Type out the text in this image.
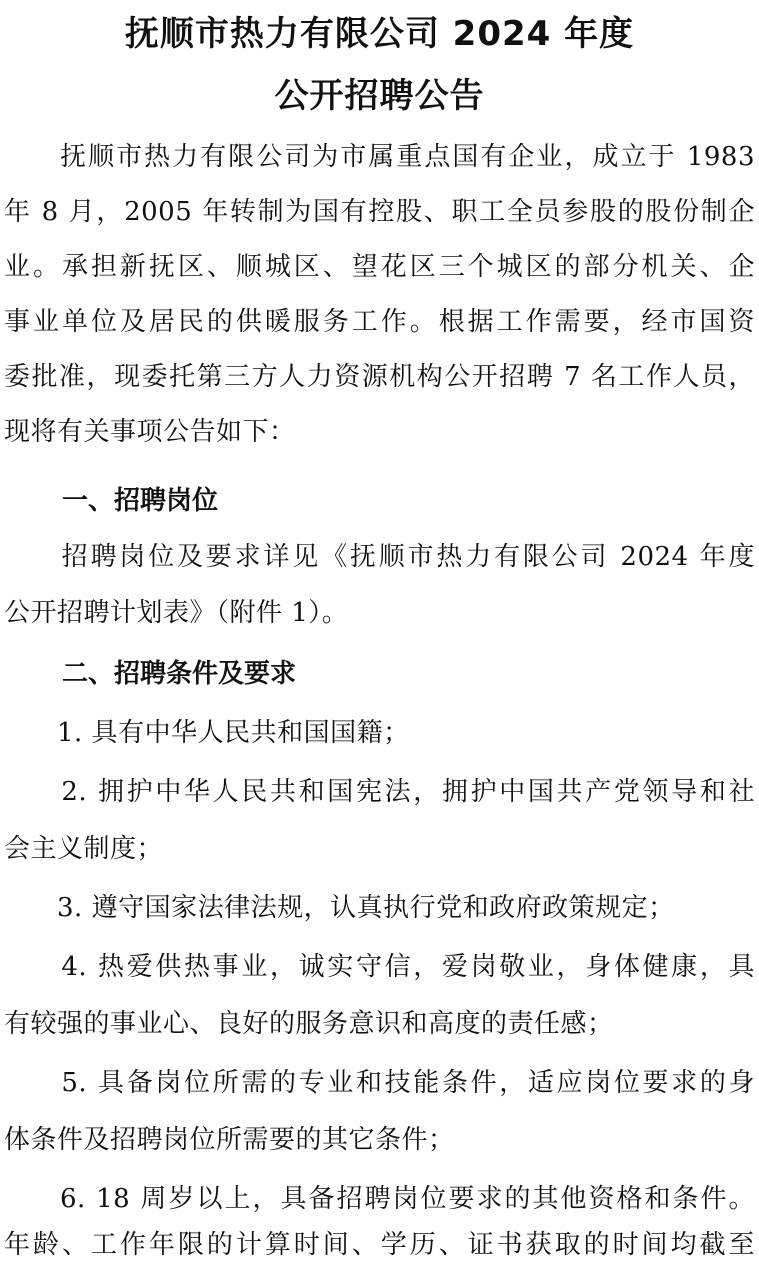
抚顺市热力有限公司 2024 年度
公开招聘公告
　　抚顺市热力有限公司为市属重点国有企业，成立于 1983
年 8 月，2005 年转制为国有控股、职工全员参股的股份制企
业。承担新抚区、顺城区、望花区三个城区的部分机关、企
事业单位及居民的供暖服务工作。根据工作需要，经市国资
委批准，现委托第三方人力资源机构公开招聘 7 名工作人员，
现将有关事项公告如下：
一、招聘岗位
　　招聘岗位及要求详见《抚顺市热力有限公司 2024 年度
公开招聘计划表》（附件 1）。
二、招聘条件及要求
　　1. 具有中华人民共和国国籍；
　　2. 拥护中华人民共和国宪法，拥护中国共产党领导和社
会主义制度；
　　3. 遵守国家法律法规，认真执行党和政府政策规定；
　　4. 热爱供热事业，诚实守信，爱岗敬业，身体健康，具
有较强的事业心、良好的服务意识和高度的责任感；
　　5. 具备岗位所需的专业和技能条件，适应岗位要求的身
体条件及招聘岗位所需要的其它条件；
　　6. 18 周岁以上，具备招聘岗位要求的其他资格和条件。
年龄、工作年限的计算时间、学历、证书获取的时间均截至
